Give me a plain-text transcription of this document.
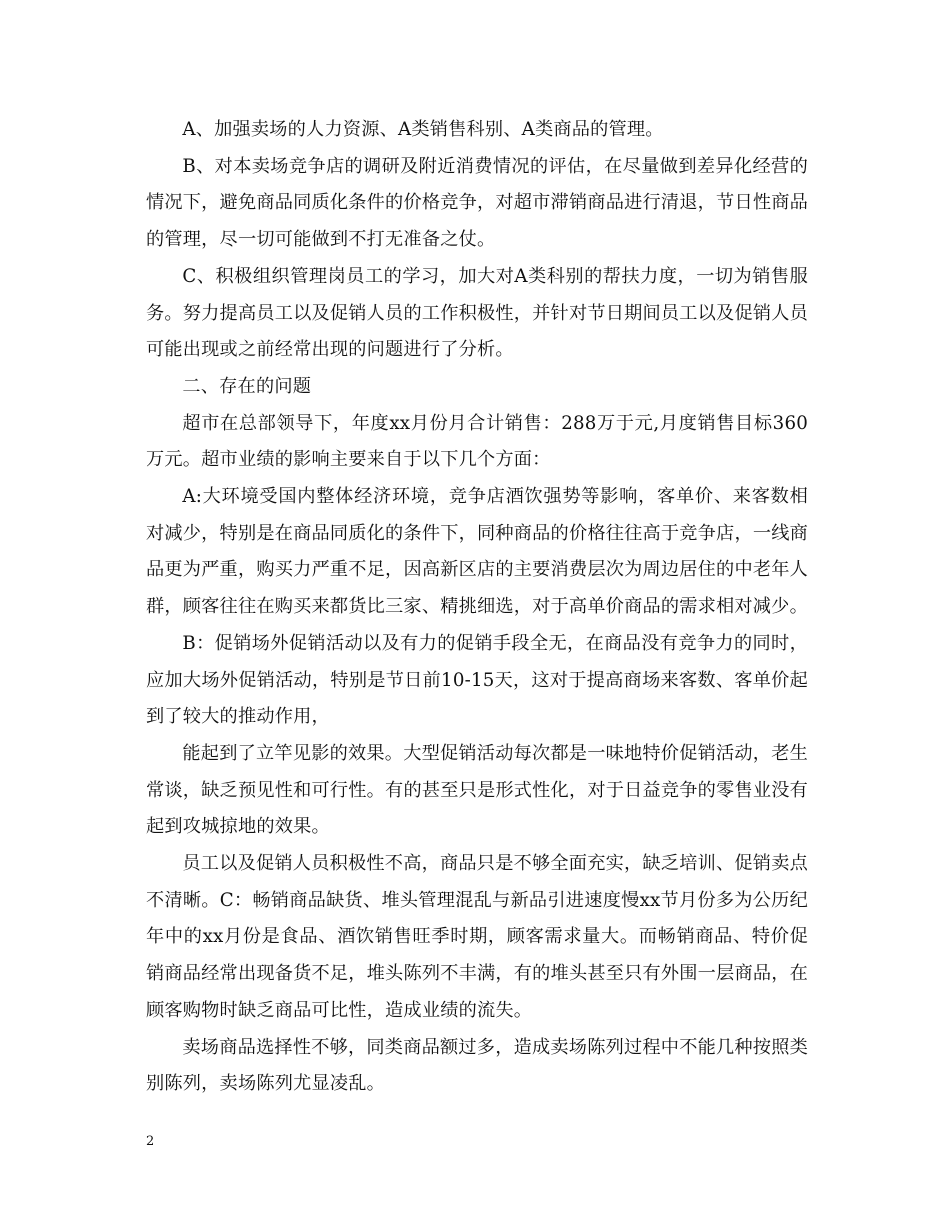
A、加强卖场的人力资源、A类销售科别、A类商品的管理。

B、对本卖场竞争店的调研及附近消费情况的评估，在尽量做到差异化经营的情况下，避免商品同质化条件的价格竞争，对超市滞销商品进行清退，节日性商品的管理，尽一切可能做到不打无准备之仗。

C、积极组织管理岗员工的学习，加大对A类科别的帮扶力度，一切为销售服务。努力提高员工以及促销人员的工作积极性，并针对节日期间员工以及促销人员可能出现或之前经常出现的问题进行了分析。

二、存在的问题

超市在总部领导下，年度xx月份月合计销售：288万于元,月度销售目标360万元。超市业绩的影响主要来自于以下几个方面：

A:大环境受国内整体经济环境，竞争店酒饮强势等影响，客单价、来客数相对减少，特别是在商品同质化的条件下，同种商品的价格往往高于竞争店，一线商品更为严重，购买力严重不足，因高新区店的主要消费层次为周边居住的中老年人群，顾客往往在购买来都货比三家、精挑细选，对于高单价商品的需求相对减少。

B：促销场外促销活动以及有力的促销手段全无，在商品没有竞争力的同时，应加大场外促销活动，特别是节日前10-15天，这对于提高商场来客数、客单价起到了较大的推动作用，

能起到了立竿见影的效果。大型促销活动每次都是一味地特价促销活动，老生常谈，缺乏预见性和可行性。有的甚至只是形式性化，对于日益竞争的零售业没有起到攻城掠地的效果。

员工以及促销人员积极性不高，商品只是不够全面充实，缺乏培训、促销卖点不清晰。C：畅销商品缺货、堆头管理混乱与新品引进速度慢xx节月份多为公历纪年中的xx月份是食品、酒饮销售旺季时期，顾客需求量大。而畅销商品、特价促销商品经常出现备货不足，堆头陈列不丰满，有的堆头甚至只有外围一层商品，在顾客购物时缺乏商品可比性，造成业绩的流失。

卖场商品选择性不够，同类商品额过多，造成卖场陈列过程中不能几种按照类别陈列，卖场陈列尤显凌乱。

2
